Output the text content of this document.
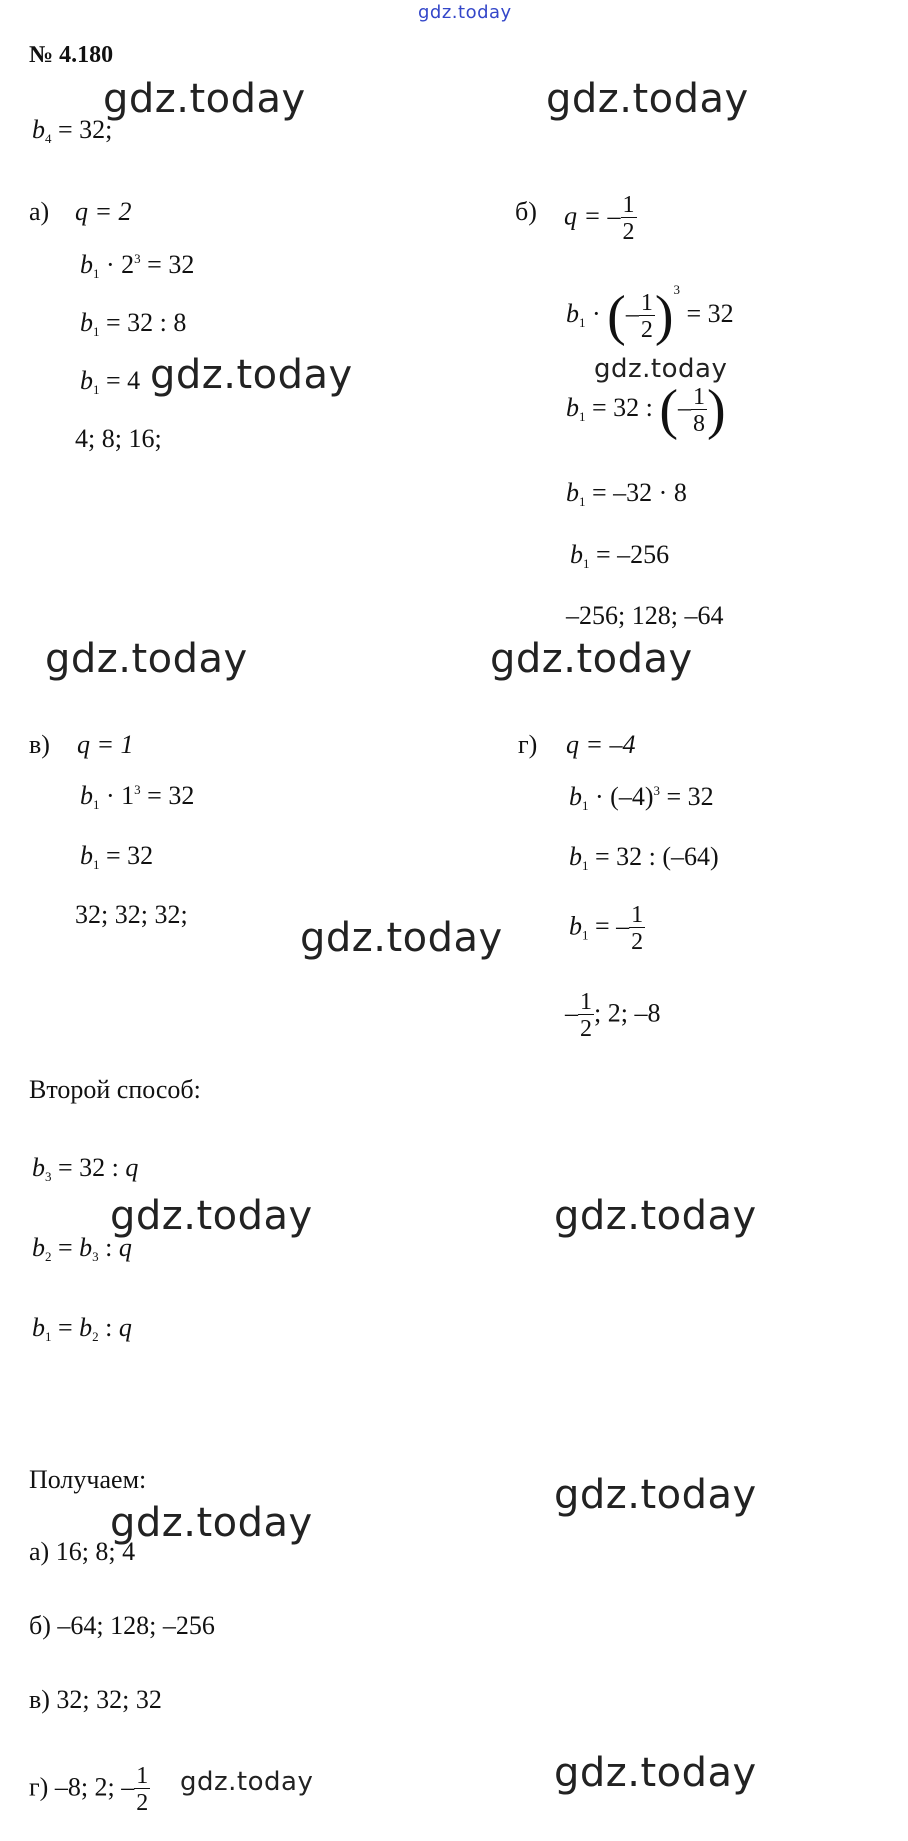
gdz.today
gdz.today	gdz.today
gdz.today	gdz.today
gdz.today	gdz.today
gdz.today
gdz.today	gdz.today
gdz.today
gdz.today
gdz.today
gdz.today
№ 4.180
$b_4 = 32$;
а) q = 2
$b_1 \cdot 2^3 = 32$
$b_1 = 32$ : 8
$b_1 = 4$
4; 8; 16;
б) q = – $\frac{1}{2}$
$b_1$ · (– $\frac{1}{2} )^3 = 32$
$b_1 = 32$ : (– $\frac{1}{8}$ )
$b_1 = -32 \cdot 8$
$b_1 = -256$
–256; 128; –64
в) q = 1
$b_1 \cdot 1^3 = 32$
$b_1 = 32$
32; 32; 32;
г) q = –4
$b_1 \cdot (-4)^3 = 32$
$b_1 = 32$ : (–64)
$b_1$ = – $\frac{1}{2}$
– $\frac{1}{2}$ ; 2; –8
Второй способ:
$b_3 = 32$ : q
$b_2 = b_3$ : q
$b_1 = b_2$ : q
Получаем:
а) 16; 8; 4
б) –64; 128; –256
в) 32; 32; 32
г) –8; 2; – $\frac{1}{2}$
